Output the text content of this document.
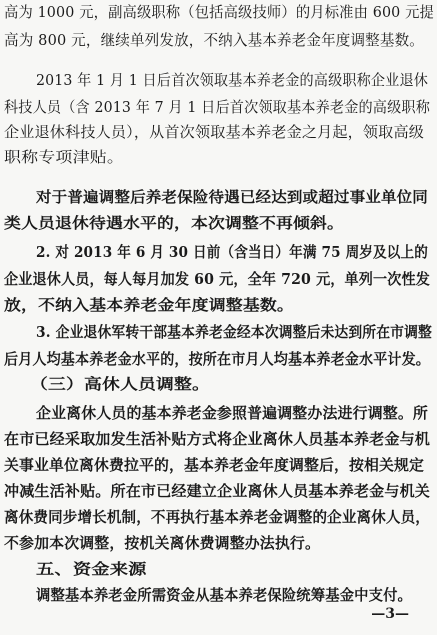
高为 1000 元，副高级职称（包括高级技师）的月标准由 600 元提
高为 800 元，继续单列发放，不纳入基本养老金年度调整基数。
2013 年 1 月 1 日后首次领取基本养老金的高级职称企业退休
科技人员（含 2013 年 7 月 1 日后首次领取基本养老金的高级职称
企业退休科技人员），从首次领取基本养老金之月起，领取高级
职称专项津贴。
对于普遍调整后养老保险待遇已经达到或超过事业单位同
类人员退休待遇水平的，本次调整不再倾斜。
2. 对 2013 年 6 月 30 日前（含当日）年满 75 周岁及以上的
企业退休人员，每人每月加发 60 元，全年 720 元，单列一次性发
放，不纳入基本养老金年度调整基数。
3. 企业退休军转干部基本养老金经本次调整后未达到所在市调整
后月人均基本养老金水平的，按所在市月人均基本养老金水平计发。
（三）高休人员调整。
企业离休人员的基本养老金参照普遍调整办法进行调整。所
在市已经采取加发生活补贴方式将企业离休人员基本养老金与机
关事业单位离休费拉平的，基本养老金年度调整后，按相关规定
冲减生活补贴。所在市已经建立企业离休人员基本养老金与机关
离休费同步增长机制，不再执行基本养老金调整的企业离休人员，
不参加本次调整，按机关离休费调整办法执行。
五、资金来源
调整基本养老金所需资金从基本养老保险统筹基金中支付。
—3—
